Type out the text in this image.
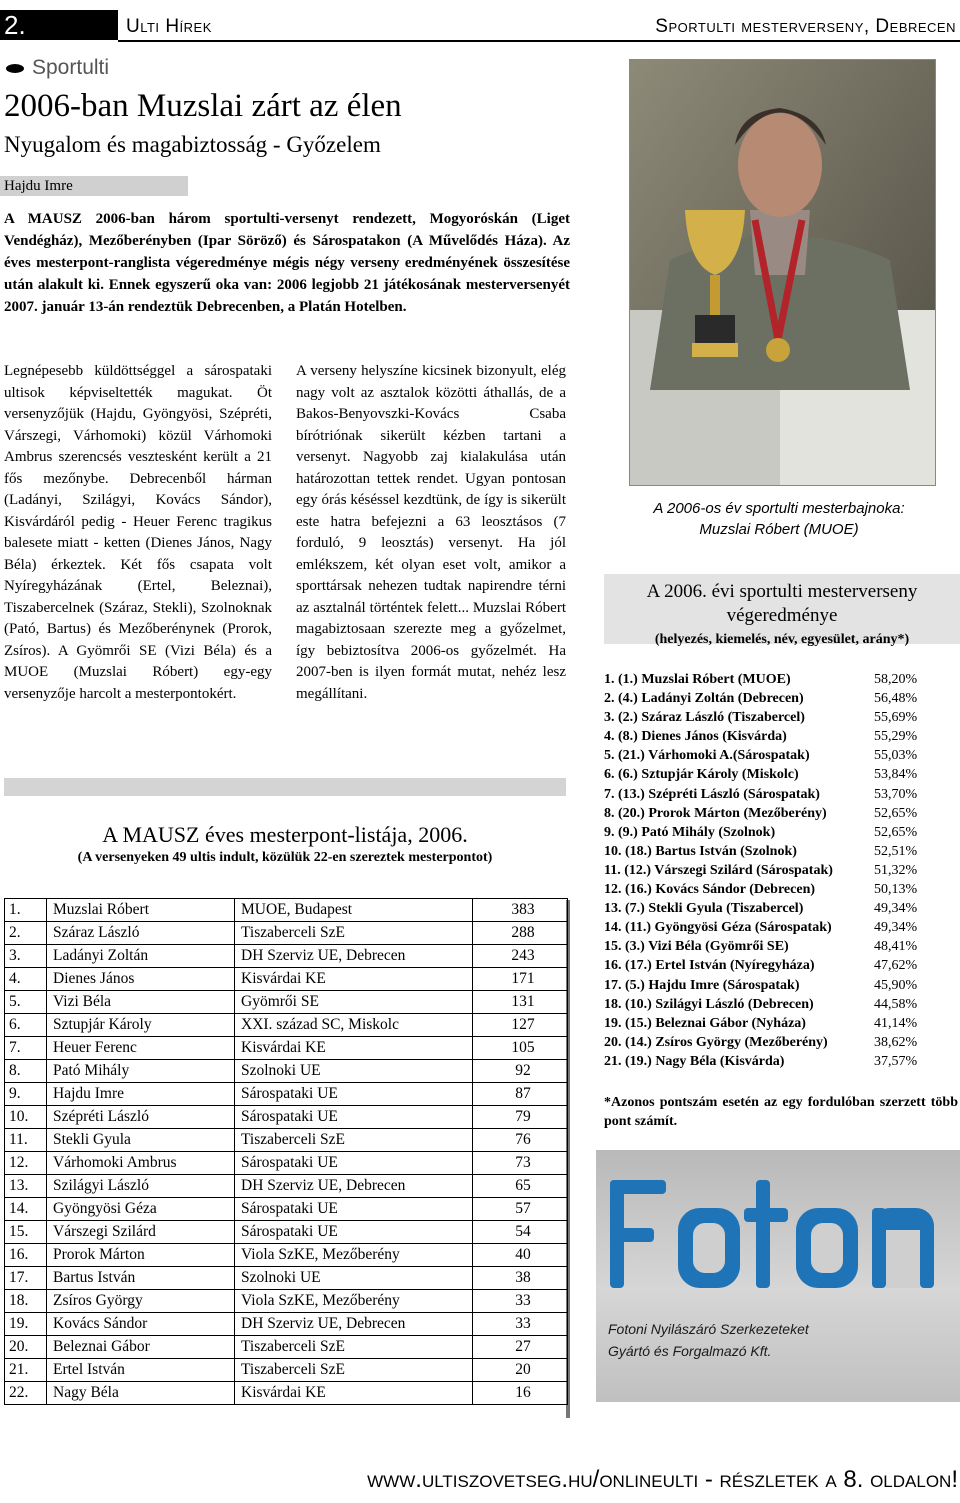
2.	Ulti Hírek	Sportulti mesterverseny, Debrecen
Sportulti
2006-ban Muzslai zárt az élen
Nyugalom és magabiztosság - Győzelem
Hajdu Imre

A MAUSZ 2006-ban három sportulti-versenyt rendezett, Mogyoróskán (Liget Vendégház), Mezőberényben (Ipar Söröző) és Sárospatakon (A Művelődés Háza). Az éves mesterpont-ranglista végeredménye mégis négy verseny eredményének összesítése után alakult ki. Ennek egyszerű oka van: 2006 legjobb 21 játékosának mesterversenyét 2007. január 13-án rendeztük Debrecenben, a Platán Hotelben.

Legnépesebb küldöttséggel a sárospataki ultisok képviseltették magukat. Öt versenyzőjük (Hajdu, Gyöngyösi, Szépréti, Várszegi, Várhomoki) közül Várhomoki Ambrus szerencsés vesztesként került a 21 fős mezőnybe. Debrecenből hárman (Ladányi, Szilágyi, Kovács Sándor), Kisvárdáról pedig - Heuer Ferenc tragikus balesete miatt - ketten (Dienes János, Nagy Béla) érkeztek. Két fős csapata volt Nyíregyházának (Ertel, Beleznai), Tiszabercelnek (Száraz, Stekli), Szolnoknak (Pató, Bartus) és Mezőberénynek (Prorok, Zsíros). A Gyömrői SE (Vizi Béla) és a MUOE (Muzslai Róbert) egy-egy versenyzője harcolt a mesterpontokért.

A verseny helyszíne kicsinek bizonyult, elég nagy volt az asztalok közötti áthallás, de a Bakos-Benyovszki-Kovács Csaba bírótriónak sikerült kézben tartani a versenyt. Nagyobb zaj kialakulása után határozottan tettek rendet. Ugyan pontosan egy órás késéssel kezdtünk, de így is sikerült este hatra befejezni a 63 leosztásos (7 forduló, 9 leosztás) versenyt. Ha jól emlékszem, két olyan eset volt, amikor a sporttársak nehezen tudtak napirendre térni az asztalnál történtek felett... Muzslai Róbert magabiztosaan szerezte meg a győzelmet, így bebiztosítva 2006-os győzelmét. Ha 2007-ben is ilyen formát mutat, nehéz lesz megállítani.

A 2006-os év sportulti mesterbajnoka:
Muzslai Róbert (MUOE)
A 2006. évi sportulti mesterverseny
végeredménye
(helyezés, kiemelés, név, egyesület, arány*)
1. (1.) Muzslai Róbert (MUOE)	58,20%
2. (4.) Ladányi Zoltán (Debrecen)	56,48%
3. (2.) Száraz László (Tiszabercel)	55,69%
4. (8.) Dienes János (Kisvárda)	55,29%
5. (21.) Várhomoki A.(Sárospatak)	55,03%
6. (6.) Sztupjár Károly (Miskolc)	53,84%
7. (13.) Szépréti László (Sárospatak)	53,70%
8. (20.) Prorok Márton (Mezőberény)	52,65%
9. (9.) Pató Mihály (Szolnok)	52,65%
10. (18.) Bartus István (Szolnok)	52,51%
11. (12.) Várszegi Szilárd (Sárospatak)	51,32%
12. (16.) Kovács Sándor (Debrecen)	50,13%
13. (7.) Stekli Gyula (Tiszabercel)	49,34%
14. (11.) Gyöngyösi Géza (Sárospatak)	49,34%
15. (3.) Vizi Béla (Gyömrői SE)	48,41%
16. (17.) Ertel István (Nyíregyháza)	47,62%
17. (5.) Hajdu Imre (Sárospatak)	45,90%
18. (10.) Szilágyi László (Debrecen)	44,58%
19. (15.) Beleznai Gábor (Nyháza)	41,14%
20. (14.) Zsíros György (Mezőberény)	38,62%
21. (19.) Nagy Béla (Kisvárda)	37,57%
*Azonos pontszám esetén az egy fordulóban szerzett több pont számít.
A MAUSZ éves mesterpont-listája, 2006.
(A versenyeken 49 ultis indult, közülük 22-en szereztek mesterpontot)
1.	Muzslai Róbert	MUOE, Budapest	383
2.	Száraz László	Tiszaberceli SzE	288
3.	Ladányi Zoltán	DH Szerviz UE, Debrecen	243
4.	Dienes János	Kisvárdai KE	171
5.	Vizi Béla	Gyömrői SE	131
6.	Sztupjár Károly	XXI. század SC, Miskolc	127
7.	Heuer Ferenc	Kisvárdai KE	105
8.	Pató Mihály	Szolnoki UE	92
9.	Hajdu Imre	Sárospataki UE	87
10.	Szépréti László	Sárospataki UE	79
11.	Stekli Gyula	Tiszaberceli SzE	76
12.	Várhomoki Ambrus	Sárospataki UE	73
13.	Szilágyi László	DH Szerviz UE, Debrecen	65
14.	Gyöngyösi Géza	Sárospataki UE	57
15.	Várszegi Szilárd	Sárospataki UE	54
16.	Prorok Márton	Viola SzKE, Mezőberény	40
17.	Bartus István	Szolnoki UE	38
18.	Zsíros György	Viola SzKE, Mezőberény	33
19.	Kovács Sándor	DH Szerviz UE, Debrecen	33
20.	Beleznai Gábor	Tiszaberceli SzE	27
21.	Ertel István	Tiszaberceli SzE	20
22.	Nagy Béla	Kisvárdai KE	16
Fotoni Nyilászáró Szerkezeteket
Gyártó és Forgalmazó Kft.
www.ultiszovetseg.hu/onlineulti - részletek a 8. oldalon!
